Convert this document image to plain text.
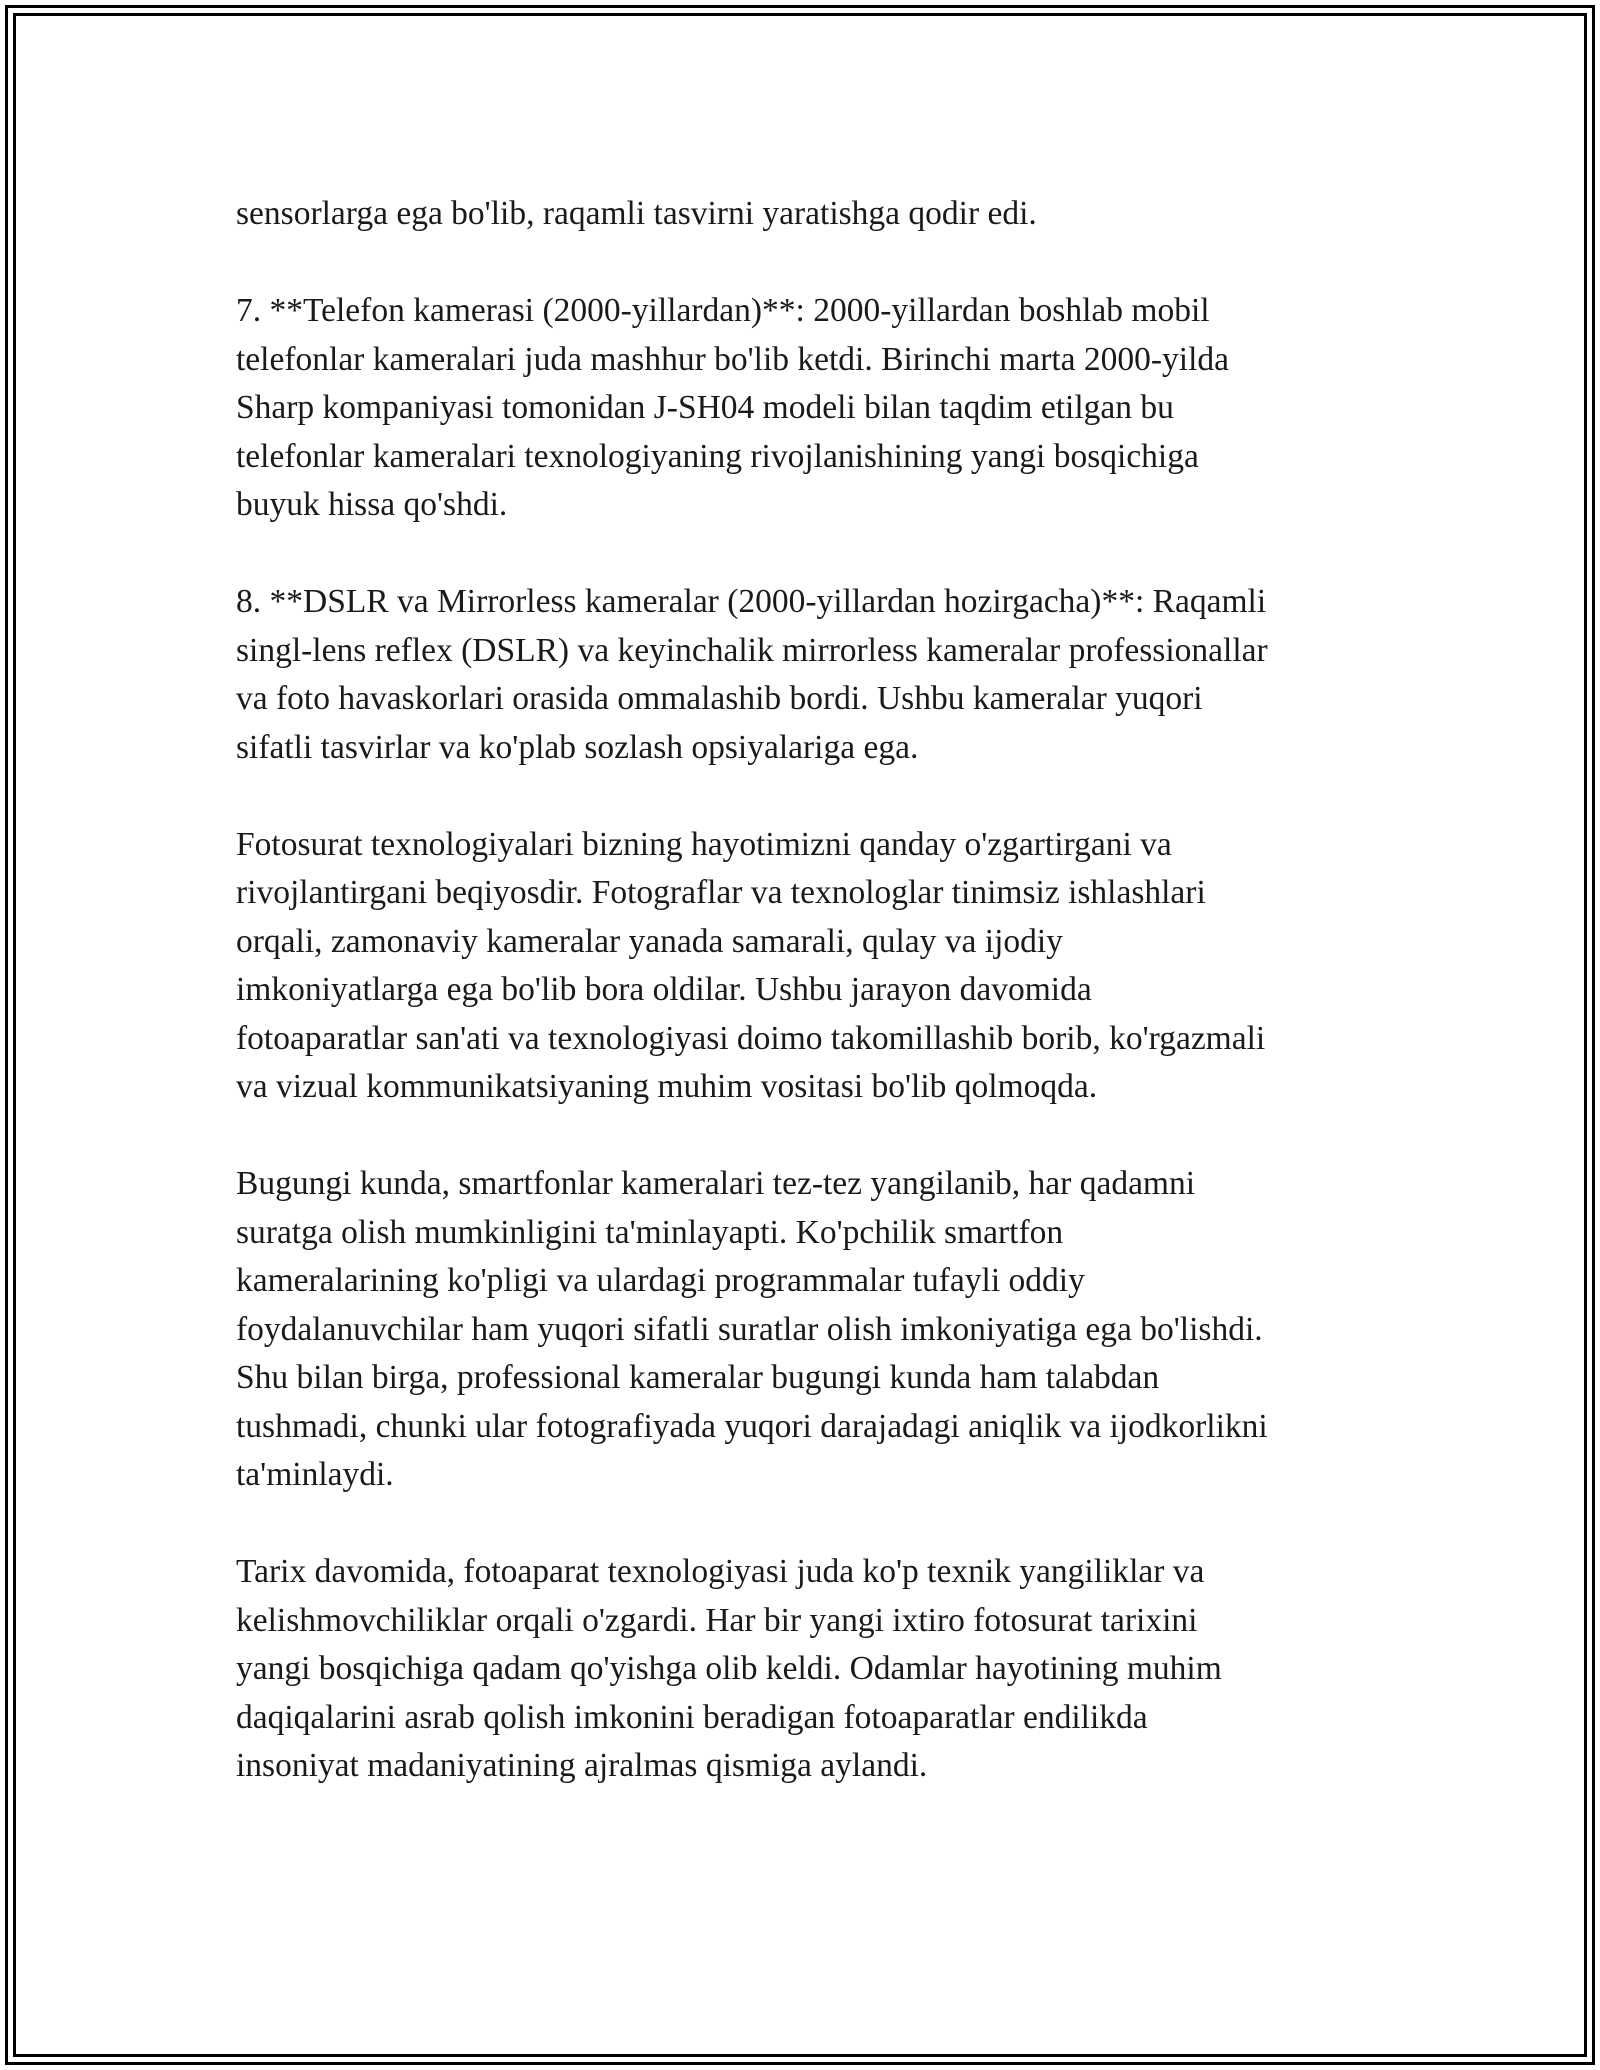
sensorlarga ega bo'lib, raqamli tasvirni yaratishga qodir edi.

7. **Telefon kamerasi (2000-yillardan)**: 2000-yillardan boshlab mobil
telefonlar kameralari juda mashhur bo'lib ketdi. Birinchi marta 2000-yilda
Sharp kompaniyasi tomonidan J-SH04 modeli bilan taqdim etilgan bu
telefonlar kameralari texnologiyaning rivojlanishining yangi bosqichiga
buyuk hissa qo'shdi.

8. **DSLR va Mirrorless kameralar (2000-yillardan hozirgacha)**: Raqamli
singl-lens reflex (DSLR) va keyinchalik mirrorless kameralar professionallar
va foto havaskorlari orasida ommalashib bordi. Ushbu kameralar yuqori
sifatli tasvirlar va ko'plab sozlash opsiyalariga ega.

Fotosurat texnologiyalari bizning hayotimizni qanday o'zgartirgani va
rivojlantirgani beqiyosdir. Fotograflar va texnologlar tinimsiz ishlashlari
orqali, zamonaviy kameralar yanada samarali, qulay va ijodiy
imkoniyatlarga ega bo'lib bora oldilar. Ushbu jarayon davomida
fotoaparatlar san'ati va texnologiyasi doimo takomillashib borib, ko'rgazmali
va vizual kommunikatsiyaning muhim vositasi bo'lib qolmoqda.

Bugungi kunda, smartfonlar kameralari tez-tez yangilanib, har qadamni
suratga olish mumkinligini ta'minlayapti. Ko'pchilik smartfon
kameralarining ko'pligi va ulardagi programmalar tufayli oddiy
foydalanuvchilar ham yuqori sifatli suratlar olish imkoniyatiga ega bo'lishdi.
Shu bilan birga, professional kameralar bugungi kunda ham talabdan
tushmadi, chunki ular fotografiyada yuqori darajadagi aniqlik va ijodkorlikni
ta'minlaydi.

Tarix davomida, fotoaparat texnologiyasi juda ko'p texnik yangiliklar va
kelishmovchiliklar orqali o'zgardi. Har bir yangi ixtiro fotosurat tarixini
yangi bosqichiga qadam qo'yishga olib keldi. Odamlar hayotining muhim
daqiqalarini asrab qolish imkonini beradigan fotoaparatlar endilikda
insoniyat madaniyatining ajralmas qismiga aylandi.
